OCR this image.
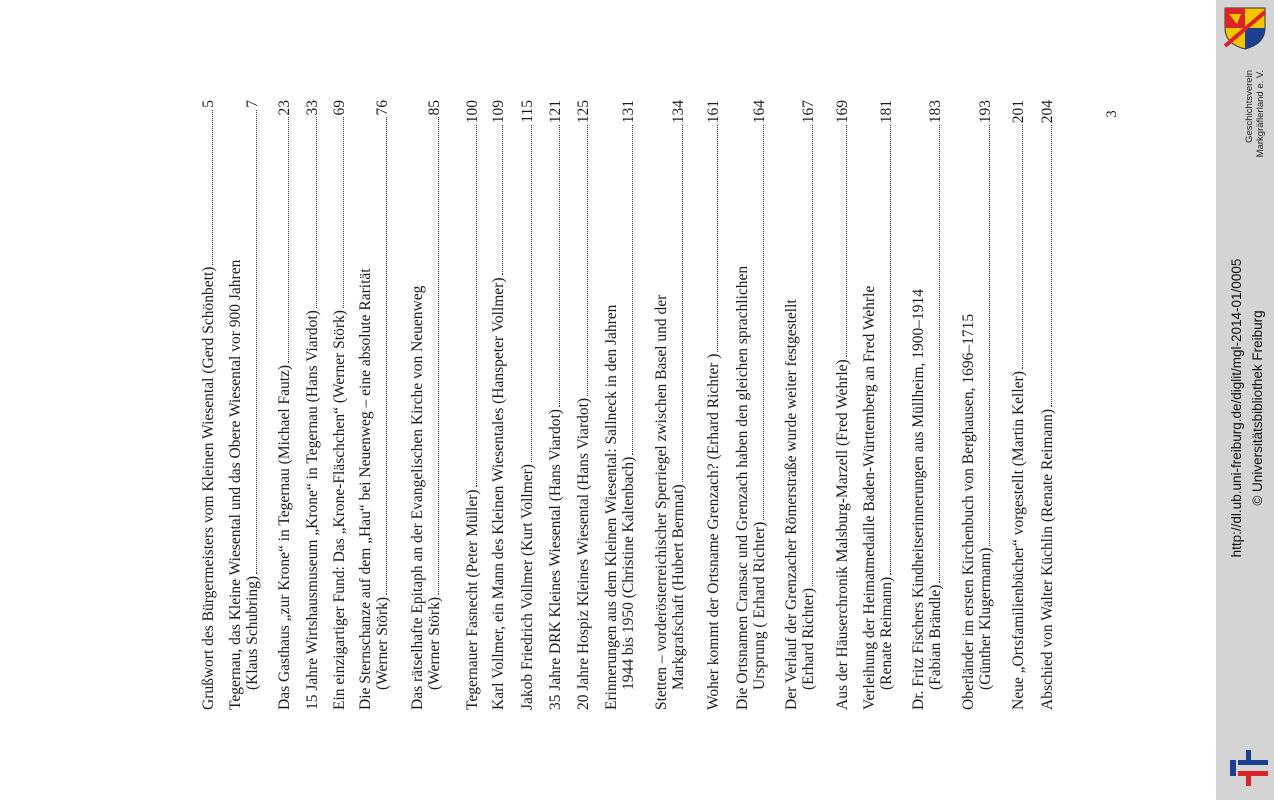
Grußwort des Bürgermeisters vom Kleinen Wiesental (Gerd Schönbett)
5
Tegernau, das Kleine Wiesental und das Obere Wiesental vor 900 Jahren (Klaus Schubring)
7
Das Gasthaus „zur Krone“ in Tegernau (Michael Fautz)
23
15 Jahre Wirtshausmuseum „Krone“ in Tegernau (Hans Viardot)
33
Ein einzigartiger Fund: Das „Krone-Fläschchen“ (Werner Störk)
69
Die Sternschanze auf dem „Hau“ bei Neuenweg – eine absolute Rarität (Werner Störk)
76
Das rätselhafte Epitaph an der Evangelischen Kirche von Neuenweg (Werner Störk)
85
Tegernauer Fasnecht (Peter Müller)
100
Karl Vollmer, ein Mann des Kleinen Wiesentales (Hanspeter Vollmer)
109
Jakob Friedrich Vollmer (Kurt Vollmer)
115
35 Jahre DRK Kleines Wiesental (Hans Viardot)
121
20 Jahre Hospiz Kleines Wiesental (Hans Viardot)
125
Erinnerungen aus dem Kleinen Wiesental: Sallneck in den Jahren 1944 bis 1950 (Christine Kaltenbach)
131
Stetten – vorderösterreichischer Sperriegel zwischen Basel und der Markgrafschaft (Hubert Bernnat)
134
Woher kommt der Ortsname Grenzach? (Erhard Richter )
161
Die Ortsnamen Cransac und Grenzach haben den gleichen sprachlichen Ursprung ( Erhard Richter)
164
Der Verlauf der Grenzacher Römerstraße wurde weiter festgestellt (Erhard Richter)
167
Aus der Häuserchronik Malsburg-Marzell (Fred Wehrle)
169
Verleihung der Heimatmedaille Baden-Württemberg an Fred Wehrle (Renate Reimann)
181
Dr. Fritz Fischers Kindheitserinnerungen aus Müllheim, 1900–1914 (Fabian Brändle)
183
Oberländer im ersten Kirchenbuch von Berghausen, 1696–1715 (Günther Klugermann)
193
Neue „Ortsfamilienbücher“ vorgestellt (Martin Keller)
201
Abschied von Walter Küchlin (Renate Reimann)
204	3	Geschichtsverein Markgräflerland e. V.
http://dl.ub.uni-freiburg.de/diglit/mgl-2014-01/0005 © Universitätsbibliothek Freiburg
